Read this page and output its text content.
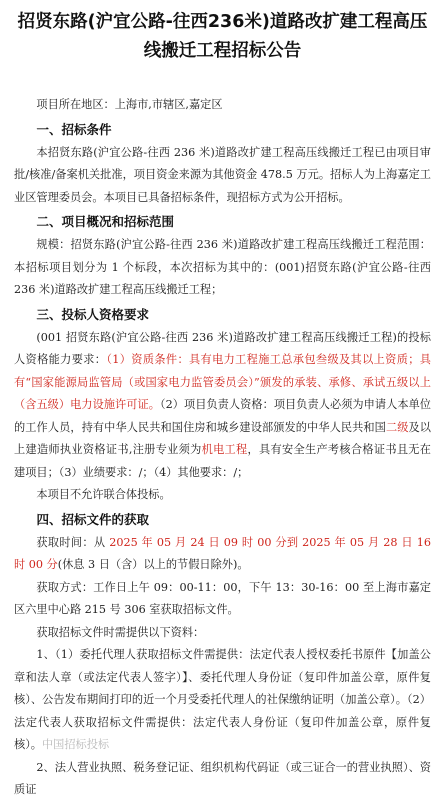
招贤东路(沪宜公路-往西236米)道路改扩建工程高压线搬迁工程招标公告

项目所在地区：上海市,市辖区,嘉定区

一、招标条件

本招贤东路(沪宜公路-往西 236 米)道路改扩建工程高压线搬迁工程已由项目审批/核准/备案机关批准，项目资金来源为其他资金 478.5 万元。招标人为上海嘉定工业区管理委员会。本项目已具备招标条件，现招标方式为公开招标。

二、项目概况和招标范围

规模：招贤东路(沪宜公路-往西 236 米)道路改扩建工程高压线搬迁工程范围：本招标项目划分为 1 个标段，本次招标为其中的：(001)招贤东路(沪宜公路-往西 236 米)道路改扩建工程高压线搬迁工程；

三、投标人资格要求

(001 招贤东路(沪宜公路-往西 236 米)道路改扩建工程高压线搬迁工程)的投标人资格能力要求：（1）资质条件：具有电力工程施工总承包叁级及其以上资质；具有“国家能源局监管局（或国家电力监管委员会）”颁发的承装、承修、承试五级以上（含五级）电力设施许可证。（2）项目负责人资格：项目负责人必须为申请人本单位的工作人员，持有中华人民共和国住房和城乡建设部颁发的中华人民共和国二级及以上建造师执业资格证书,注册专业须为机电工程，具有安全生产考核合格证书且无在建项目；（3）业绩要求：/；（4）其他要求：/；

本项目不允许联合体投标。

四、招标文件的获取

获取时间：从 2025 年 05 月 24 日 09 时 00 分到 2025 年 05 月 28 日 16 时 00 分(休息 3 日（含）以上的节假日除外)。

获取方式：工作日上午 09：00-11：00，下午 13：30-16：00 至上海市嘉定区六里中心路 215 号 306 室获取招标文件。

获取招标文件时需提供以下资料：

1、（1）委托代理人获取招标文件需提供：法定代表人授权委托书原件【加盖公章和法人章（或法定代表人签字）】、委托代理人身份证（复印件加盖公章，原件复核）、公告发布期间打印的近一个月受委托代理人的社保缴纳证明（加盖公章）。（2）法定代表人获取招标文件需提供：法定代表人身份证（复印件加盖公章，原件复核）。中国招标投标

2、法人营业执照、税务登记证、组织机构代码证（或三证合一的营业执照）、资质证
